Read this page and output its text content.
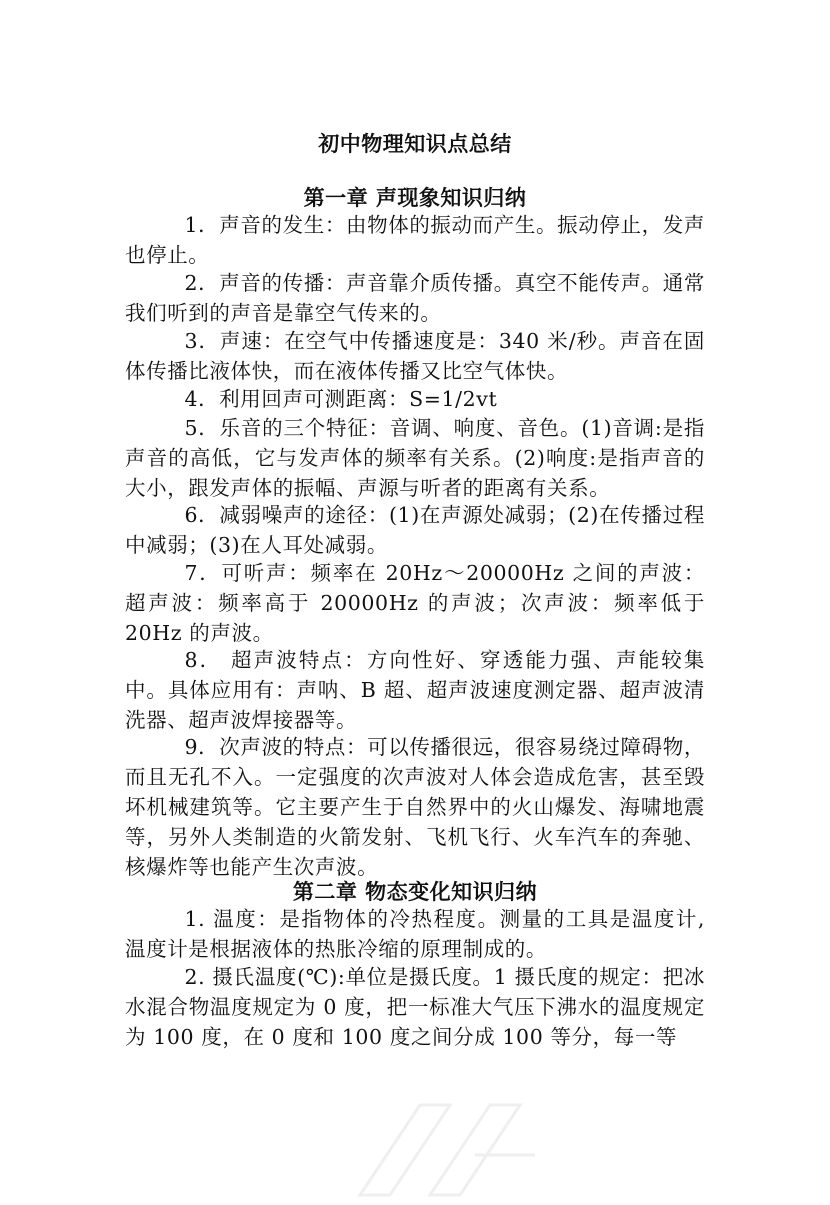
初中物理知识点总结
第一章 声现象知识归纳

1．声音的发生：由物体的振动而产生。振动停止，发声也停止。

2．声音的传播：声音靠介质传播。真空不能传声。通常我们听到的声音是靠空气传来的。

3．声速：在空气中传播速度是：340 米/秒。声音在固体传播比液体快，而在液体传播又比空气体快。

4．利用回声可测距离：S=1/2vt

5．乐音的三个特征：音调、响度、音色。(1)音调:是指声音的高低，它与发声体的频率有关系。(2)响度:是指声音的大小，跟发声体的振幅、声源与听者的距离有关系。

6．减弱噪声的途径：(1)在声源处减弱；(2)在传播过程中减弱；(3)在人耳处减弱。

7．可听声：频率在 20Hz～20000Hz 之间的声波：超声波：频率高于 20000Hz 的声波；次声波：频率低于 20Hz 的声波。

8． 超声波特点：方向性好、穿透能力强、声能较集中。具体应用有：声呐、B 超、超声波速度测定器、超声波清洗器、超声波焊接器等。

9．次声波的特点：可以传播很远，很容易绕过障碍物，而且无孔不入。一定强度的次声波对人体会造成危害，甚至毁坏机械建筑等。它主要产生于自然界中的火山爆发、海啸地震等，另外人类制造的火箭发射、飞机飞行、火车汽车的奔驰、核爆炸等也能产生次声波。

第二章 物态变化知识归纳

1. 温度：是指物体的冷热程度。测量的工具是温度计, 温度计是根据液体的热胀冷缩的原理制成的。

2. 摄氏温度(℃):单位是摄氏度。1 摄氏度的规定：把冰水混合物温度规定为 0 度，把一标准大气压下沸水的温度规定为 100 度，在 0 度和 100 度之间分成 100 等分，每一等
